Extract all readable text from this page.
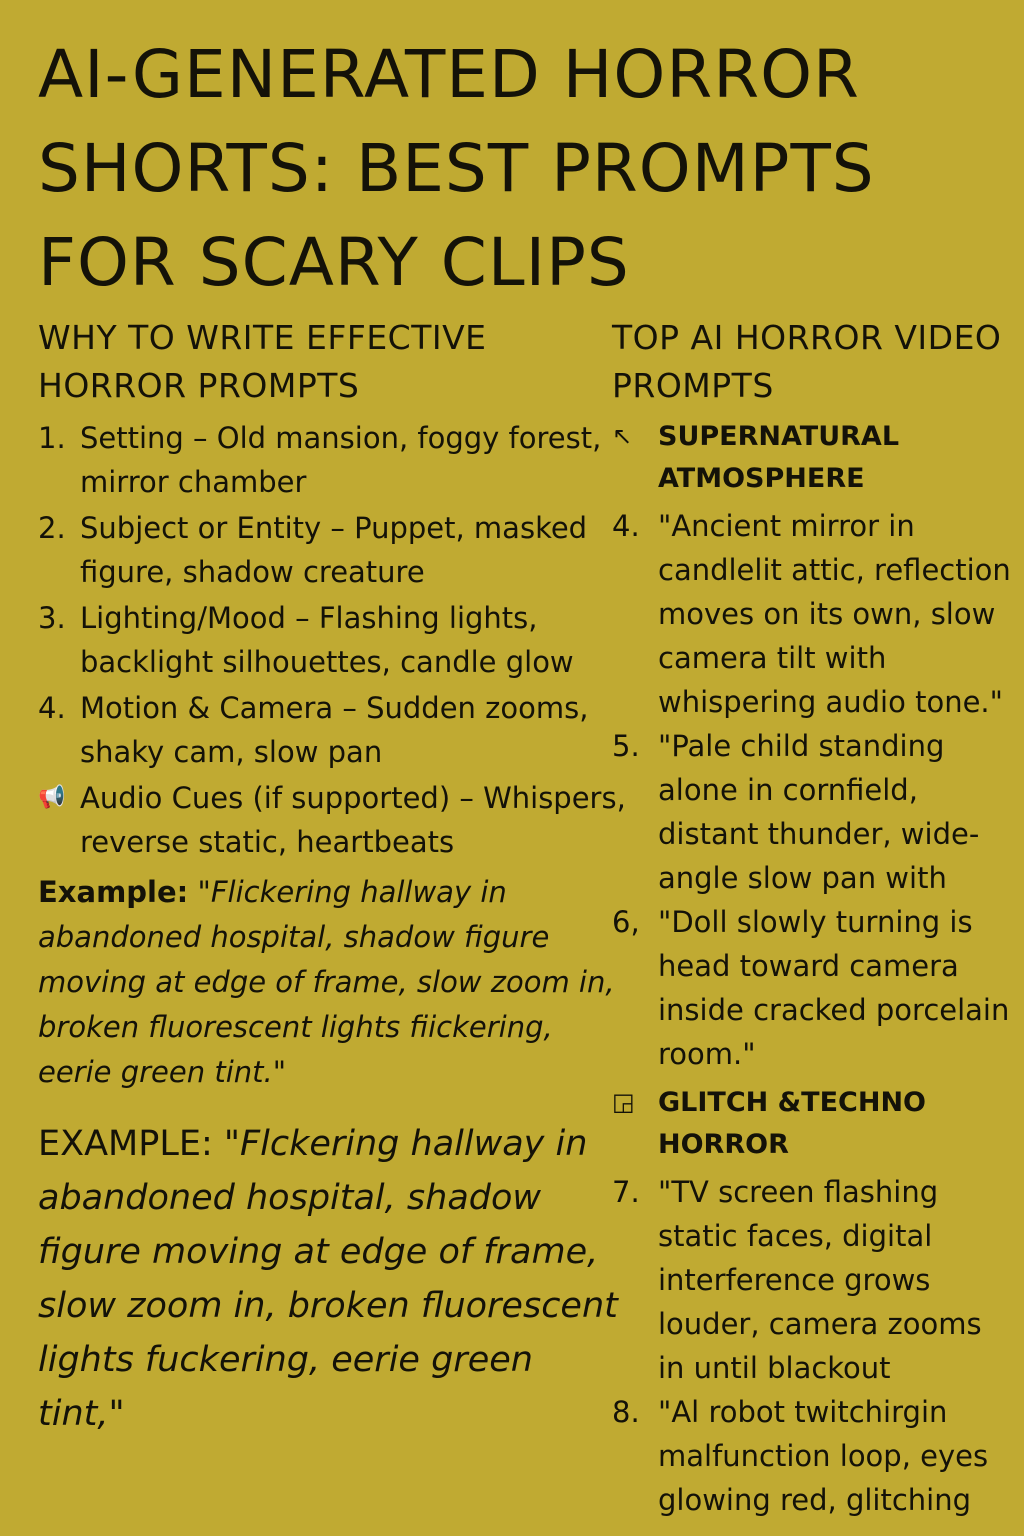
AI-GENERATED HORROR SHORTS: BEST PROMPTS FOR SCARY CLIPS
WHY TO WRITE EFFECTIVE HORROR PROMPTS
1. Setting – Old mansion, foggy forest, mirror chamber
2. Subject or Entity – Puppet, masked figure, shadow creature
3. Lighting/Mood – Flashing lights, backlight silhouettes, candle glow
4. Motion & Camera – Sudden zooms, shaky cam, slow pan
📢 Audio Cues (if supported) – Whispers, reverse static, heartbeats
Example: "Flickering hallway in abandoned hospital, shadow figure moving at edge of frame, slow zoom in, broken fluorescent lights fiickering, eerie green tint."
EXAMPLE: "Flckering hallway in abandoned hospital, shadow figure moving at edge of frame, slow zoom in, broken fluorescent lights fuckering, eerie green tint,"
TOP AI HORROR VIDEO PROMPTS
↖ SUPERNATURAL ATMOSPHERE
4. "Ancient mirror in candlelit attic, reflection moves on its own, slow camera tilt with whispering audio tone."
5. "Pale child standing alone in cornfield, distant thunder, wide-angle slow pan with
6, "Doll slowly turning is head toward camera inside cracked porcelain room."
◲ GLITCH &TECHNO HORROR
7. "TV screen flashing static faces, digital interference grows louder, camera zooms in until blackout
8. "Al robot twitchirgin malfunction loop, eyes glowing red, glitching
